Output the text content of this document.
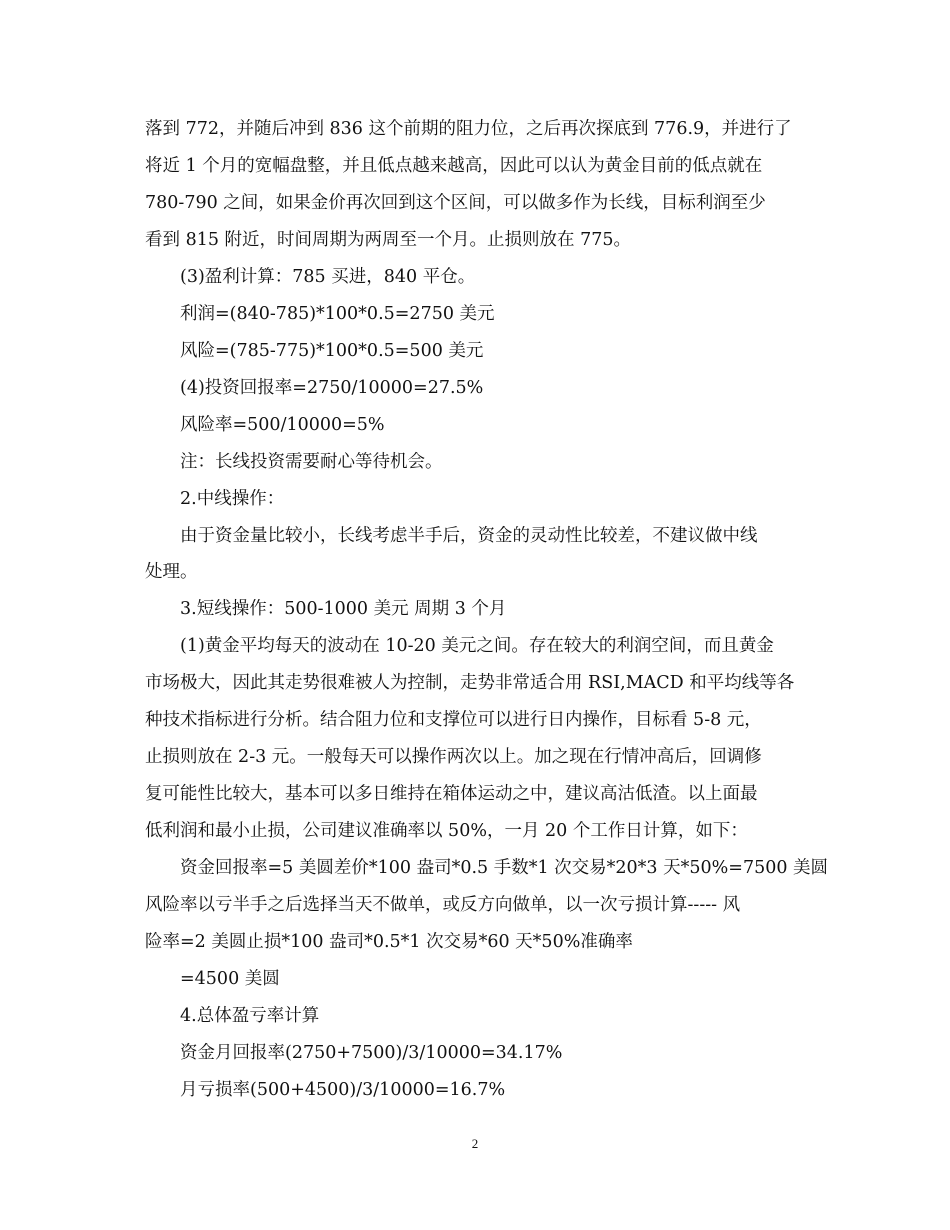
落到 772，并随后冲到 836 这个前期的阻力位，之后再次探底到 776.9，并进行了
将近 1 个月的宽幅盘整，并且低点越来越高，因此可以认为黄金目前的低点就在
780-790 之间，如果金价再次回到这个区间，可以做多作为长线，目标利润至少
看到 815 附近，时间周期为两周至一个月。止损则放在 775。
(3)盈利计算：785 买进，840 平仓。
利润=(840-785)*100*0.5=2750 美元
风险=(785-775)*100*0.5=500 美元
(4)投资回报率=2750/10000=27.5%
风险率=500/10000=5%
注：长线投资需要耐心等待机会。
2.中线操作：
由于资金量比较小，长线考虑半手后，资金的灵动性比较差，不建议做中线
处理。
3.短线操作：500-1000 美元 周期 3 个月
(1)黄金平均每天的波动在 10-20 美元之间。存在较大的利润空间，而且黄金
市场极大，因此其走势很难被人为控制，走势非常适合用 RSI,MACD 和平均线等各
种技术指标进行分析。结合阻力位和支撑位可以进行日内操作，目标看 5-8 元，
止损则放在 2-3 元。一般每天可以操作两次以上。加之现在行情冲高后，回调修
复可能性比较大，基本可以多日维持在箱体运动之中，建议高沽低渣。以上面最
低利润和最小止损，公司建议准确率以 50%，一月 20 个工作日计算，如下：
资金回报率=5 美圆差价*100 盎司*0.5 手数*1 次交易*20*3 天*50%=7500 美圆
风险率以亏半手之后选择当天不做单，或反方向做单，以一次亏损计算----- 风
险率=2 美圆止损*100 盎司*0.5*1 次交易*60 天*50%准确率
=4500 美圆
4.总体盈亏率计算
资金月回报率(2750+7500)/3/10000=34.17%
月亏损率(500+4500)/3/10000=16.7%
2
